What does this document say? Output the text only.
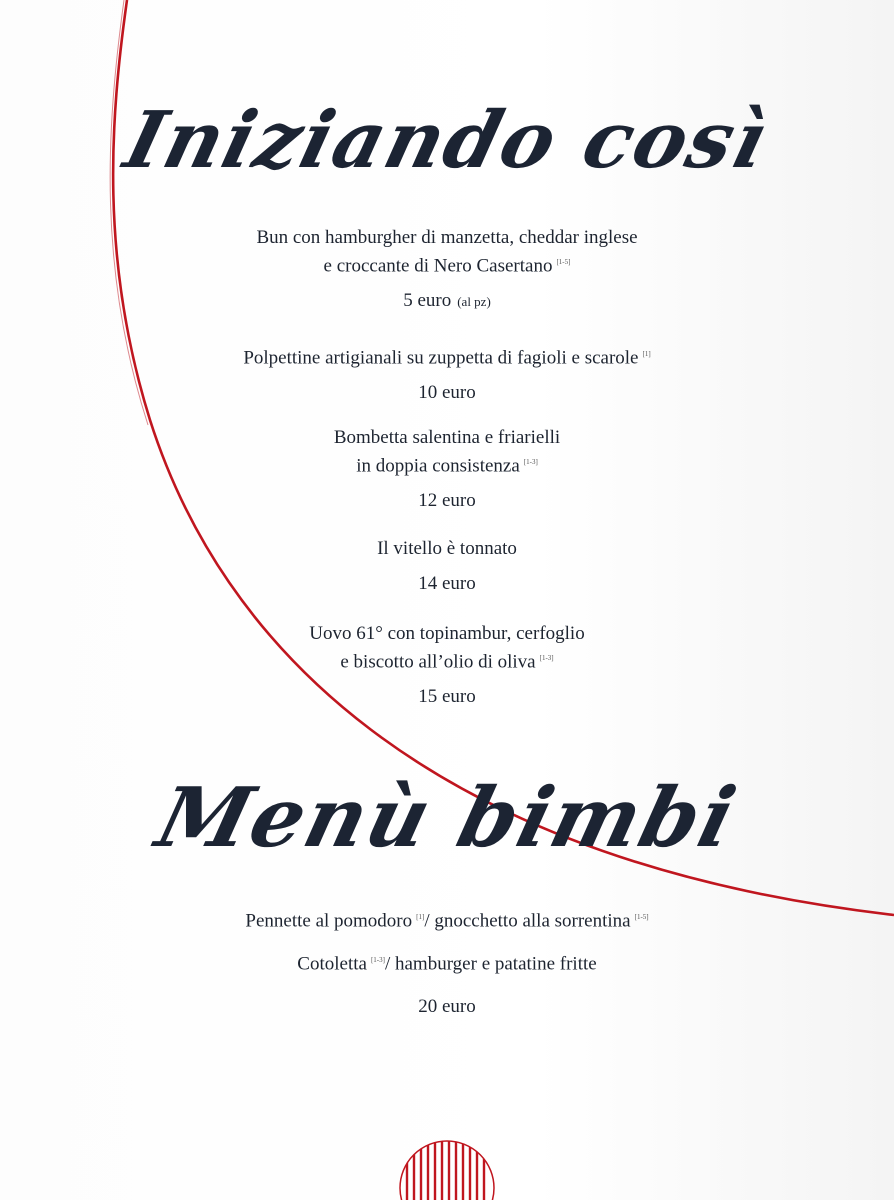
Iniziando così
Bun con hamburgher di manzetta, cheddar inglese
e croccante di Nero Casertano [1-5]
5 euro (al pz)
Polpettine artigianali su zuppetta di fagioli e scarole [1]
10 euro
Bombetta salentina e friarielli
in doppia consistenza [1-3]
12 euro
Il vitello è tonnato
14 euro
Uovo 61° con topinambur, cerfoglio
e biscotto all’olio di oliva [1-3]
15 euro
Menù bimbi
Pennette al pomodoro [1]/ gnocchetto alla sorrentina [1-5]
Cotoletta [1-3]/ hamburger e patatine fritte
20 euro
